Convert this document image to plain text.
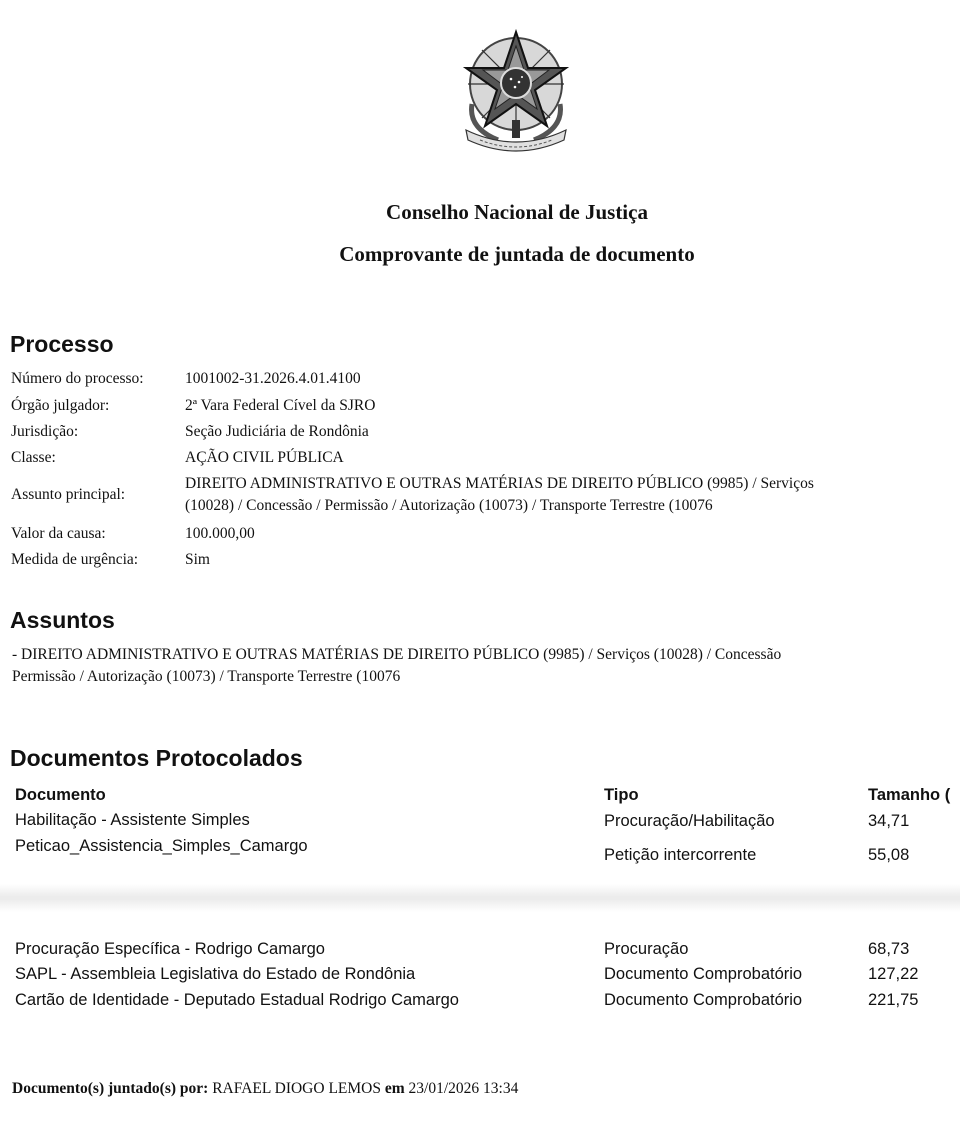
Conselho Nacional de Justiça
Comprovante de juntada de documento
Processo
Número do processo:	1001002-31.2026.4.01.4100
Órgão julgador:	2ª Vara Federal Cível da SJRO
Jurisdição:	Seção Judiciária de Rondônia
Classe:	AÇÃO CIVIL PÚBLICA
Assunto principal:
DIREITO ADMINISTRATIVO E OUTRAS MATÉRIAS DE DIREITO PÚBLICO (9985) / Serviços
(10028) / Concessão / Permissão / Autorização (10073) / Transporte Terrestre (10076
Valor da causa:	100.000,00
Medida de urgência:	Sim
Assuntos
- DIREITO ADMINISTRATIVO E OUTRAS MATÉRIAS DE DIREITO PÚBLICO (9985) / Serviços (10028) / Concessão
Permissão / Autorização (10073) / Transporte Terrestre (10076
Documentos Protocolados
Documento	Tipo	Tamanho (
Habilitação - Assistente Simples	Procuração/Habilitação	34,71
Peticao_Assistencia_Simples_Camargo	Petição intercorrente	55,08
Procuração Específica - Rodrigo Camargo	Procuração	68,73
SAPL - Assembleia Legislativa do Estado de Rondônia	Documento Comprobatório	127,22
Cartão de Identidade - Deputado Estadual Rodrigo Camargo	Documento Comprobatório	221,75
Documento(s) juntado(s) por: RAFAEL DIOGO LEMOS em 23/01/2026 13:34
